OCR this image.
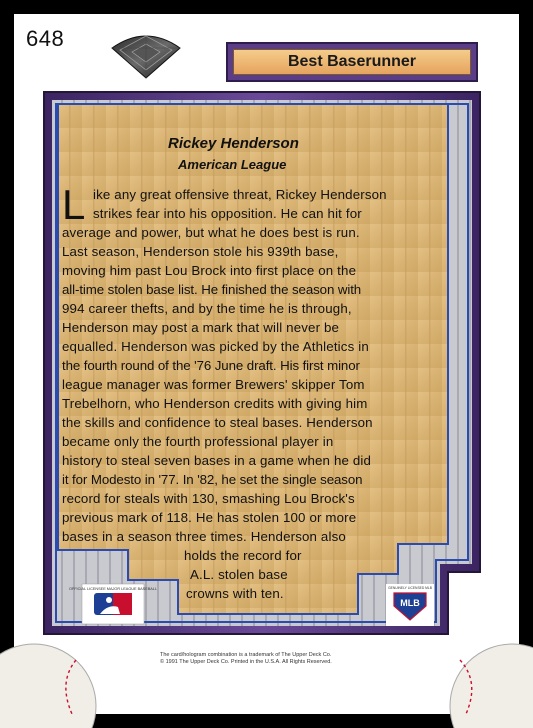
648
Best Baserunner
Rickey Henderson
American League
L ike any great offensive threat, Rickey Henderson
strikes fear into his opposition. He can hit for
average and power, but what he does best is run.
Last season, Henderson stole his 939th base,
moving him past Lou Brock into first place on the
all-time stolen base list. He finished the season with
994 career thefts, and by the time he is through,
Henderson may post a mark that will never be
equalled. Henderson was picked by the Athletics in
the fourth round of the '76 June draft. His first minor
league manager was former Brewers' skipper Tom
Trebelhorn, who Henderson credits with giving him
the skills and confidence to steal bases. Henderson
became only the fourth professional player in
history to steal seven bases in a game when he did
it for Modesto in '77. In '82, he set the single season
record for steals with 130, smashing Lou Brock's
previous mark of 118. He has stolen 100 or more
bases in a season three times. Henderson also
holds the record for
A.L. stolen base
crowns with ten.
OFFICIAL LICENSEE MAJOR LEAGUE BASEBALL	GENUINELY LICENSED MLB
MLB
The card/hologram combination is a trademark of The Upper Deck Co.
© 1991 The Upper Deck Co. Printed in the U.S.A. All Rights Reserved.
